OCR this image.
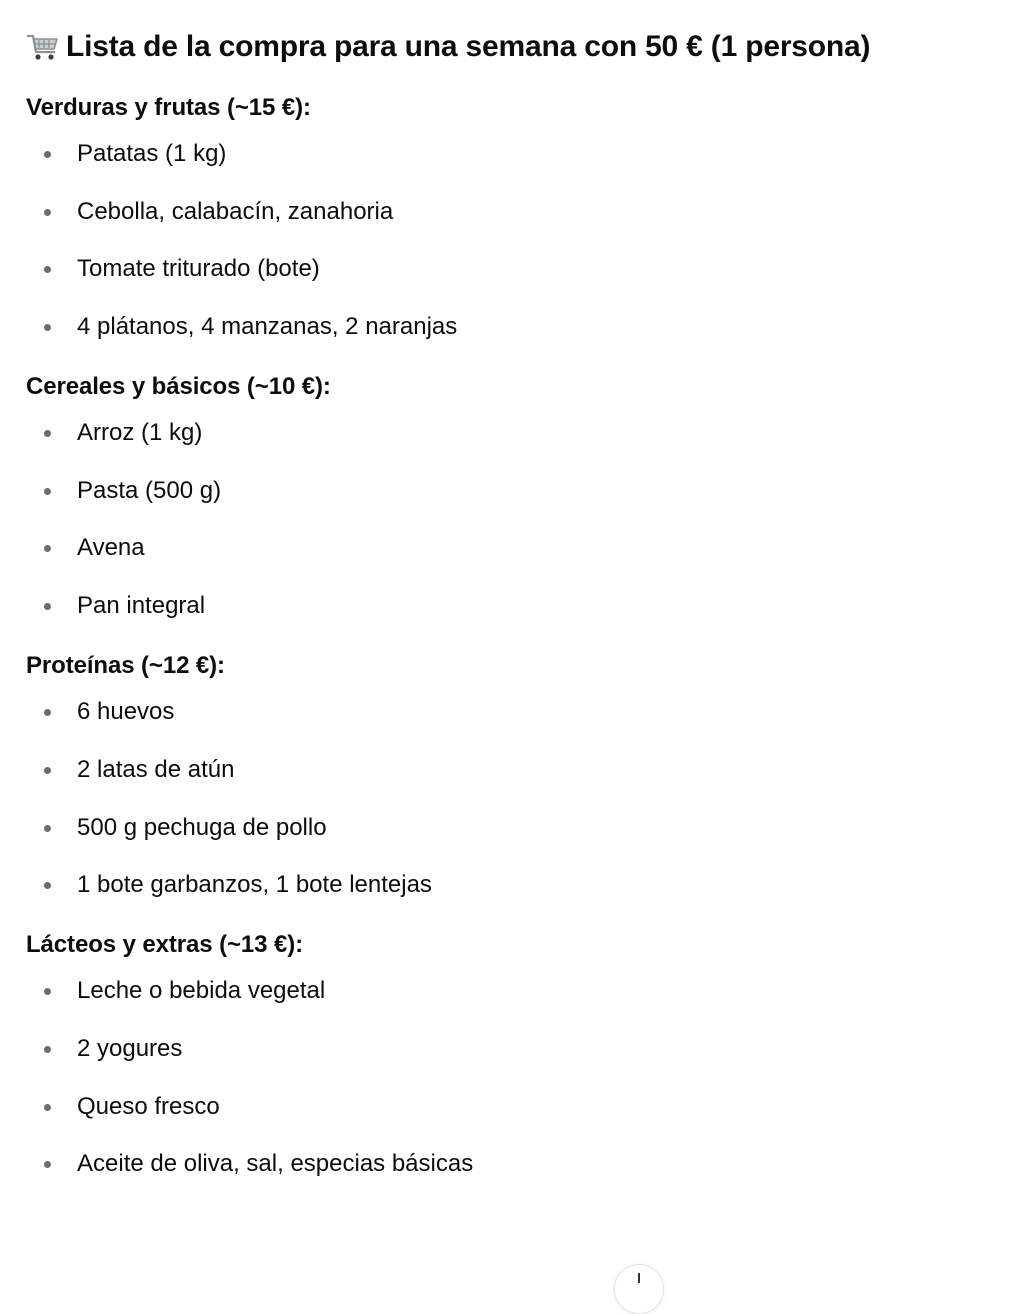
Lista de la compra para una semana con 50 € (1 persona)
Verduras y frutas (~15 €):
Patatas (1 kg)
Cebolla, calabacín, zanahoria
Tomate triturado (bote)
4 plátanos, 4 manzanas, 2 naranjas
Cereales y básicos (~10 €):
Arroz (1 kg)
Pasta (500 g)
Avena
Pan integral
Proteínas (~12 €):
6 huevos
2 latas de atún
500 g pechuga de pollo
1 bote garbanzos, 1 bote lentejas
Lácteos y extras (~13 €):
Leche o bebida vegetal
2 yogures
Queso fresco
Aceite de oliva, sal, especias básicas
